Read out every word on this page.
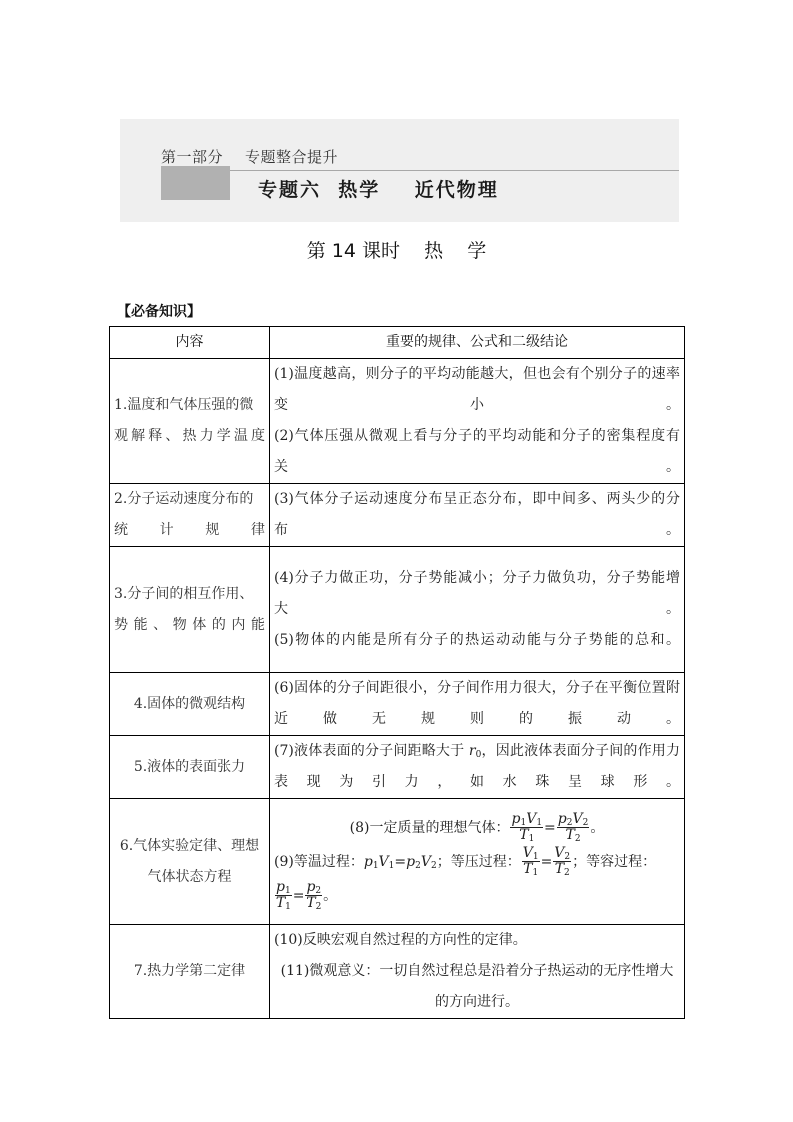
第一部分 专题整合提升
专题六  热学    近代物理
第 14 课时    热    学
【必备知识】
内容	重要的规律、公式和二级结论
1.温度和气体压强的微观解释、热力学温度	(1)温度越高，则分子的平均动能越大，但也会有个别分子的速率变小。
(2)气体压强从微观上看与分子的平均动能和分子的密集程度有关。

2.分子运动速度分布的统计规律	(3)气体分子运动速度分布呈正态分布，即中间多、两头少的分布。

3.分子间的相互作用、势能、物体的内能	(4)分子力做正功，分子势能减小；分子力做负功，分子势能增大。
(5)物体的内能是所有分子的热运动动能与分子势能的总和。

4.固体的微观结构	(6)固体的分子间距很小，分子间作用力很大，分子在平衡位置附近做无规则的振动。

5.液体的表面张力	(7)液体表面的分子间距略大于 $r_0$，因此液体表面分子间的作用力表现为引力，如水珠呈球形。

6.气体实验定律、理想气体状态方程	
(8)一定质量的理想气体： $\frac{p_1V_1}{T_1} = \frac{p_2V_2}{T_2}$ 。
(9)等温过程：$p_1V_1=p_2V_2$；等压过程： $\frac{V_1}{T_1} = \frac{V_2}{T_2}$ ；等容过程：
$\frac{p_1}{T_1} = \frac{p_2}{T_2}$ 。

7.热力学第二定律	(10)反映宏观自然过程的方向性的定律。
(11)微观意义：一切自然过程总是沿着分子热运动的无序性增大的方向进行。
